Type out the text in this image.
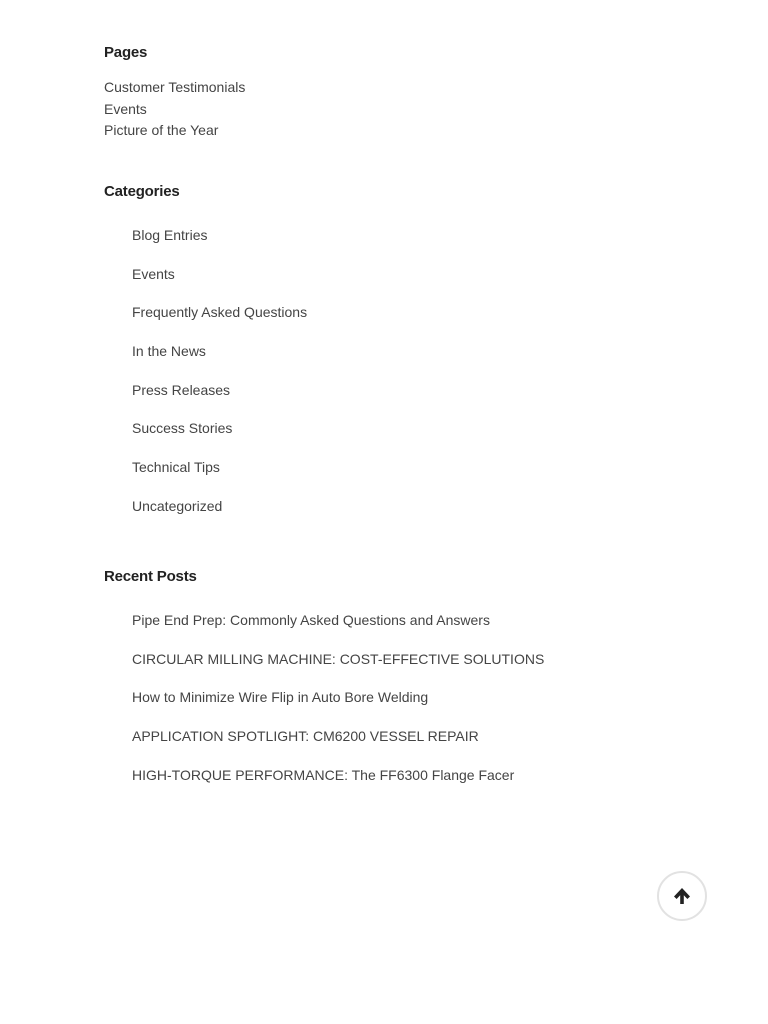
Pages
Customer Testimonials
Events
Picture of the Year
Categories
Blog Entries
Events
Frequently Asked Questions
In the News
Press Releases
Success Stories
Technical Tips
Uncategorized
Recent Posts
Pipe End Prep: Commonly Asked Questions and Answers
CIRCULAR MILLING MACHINE: COST-EFFECTIVE SOLUTIONS
How to Minimize Wire Flip in Auto Bore Welding
APPLICATION SPOTLIGHT: CM6200 VESSEL REPAIR
HIGH-TORQUE PERFORMANCE: The FF6300 Flange Facer
